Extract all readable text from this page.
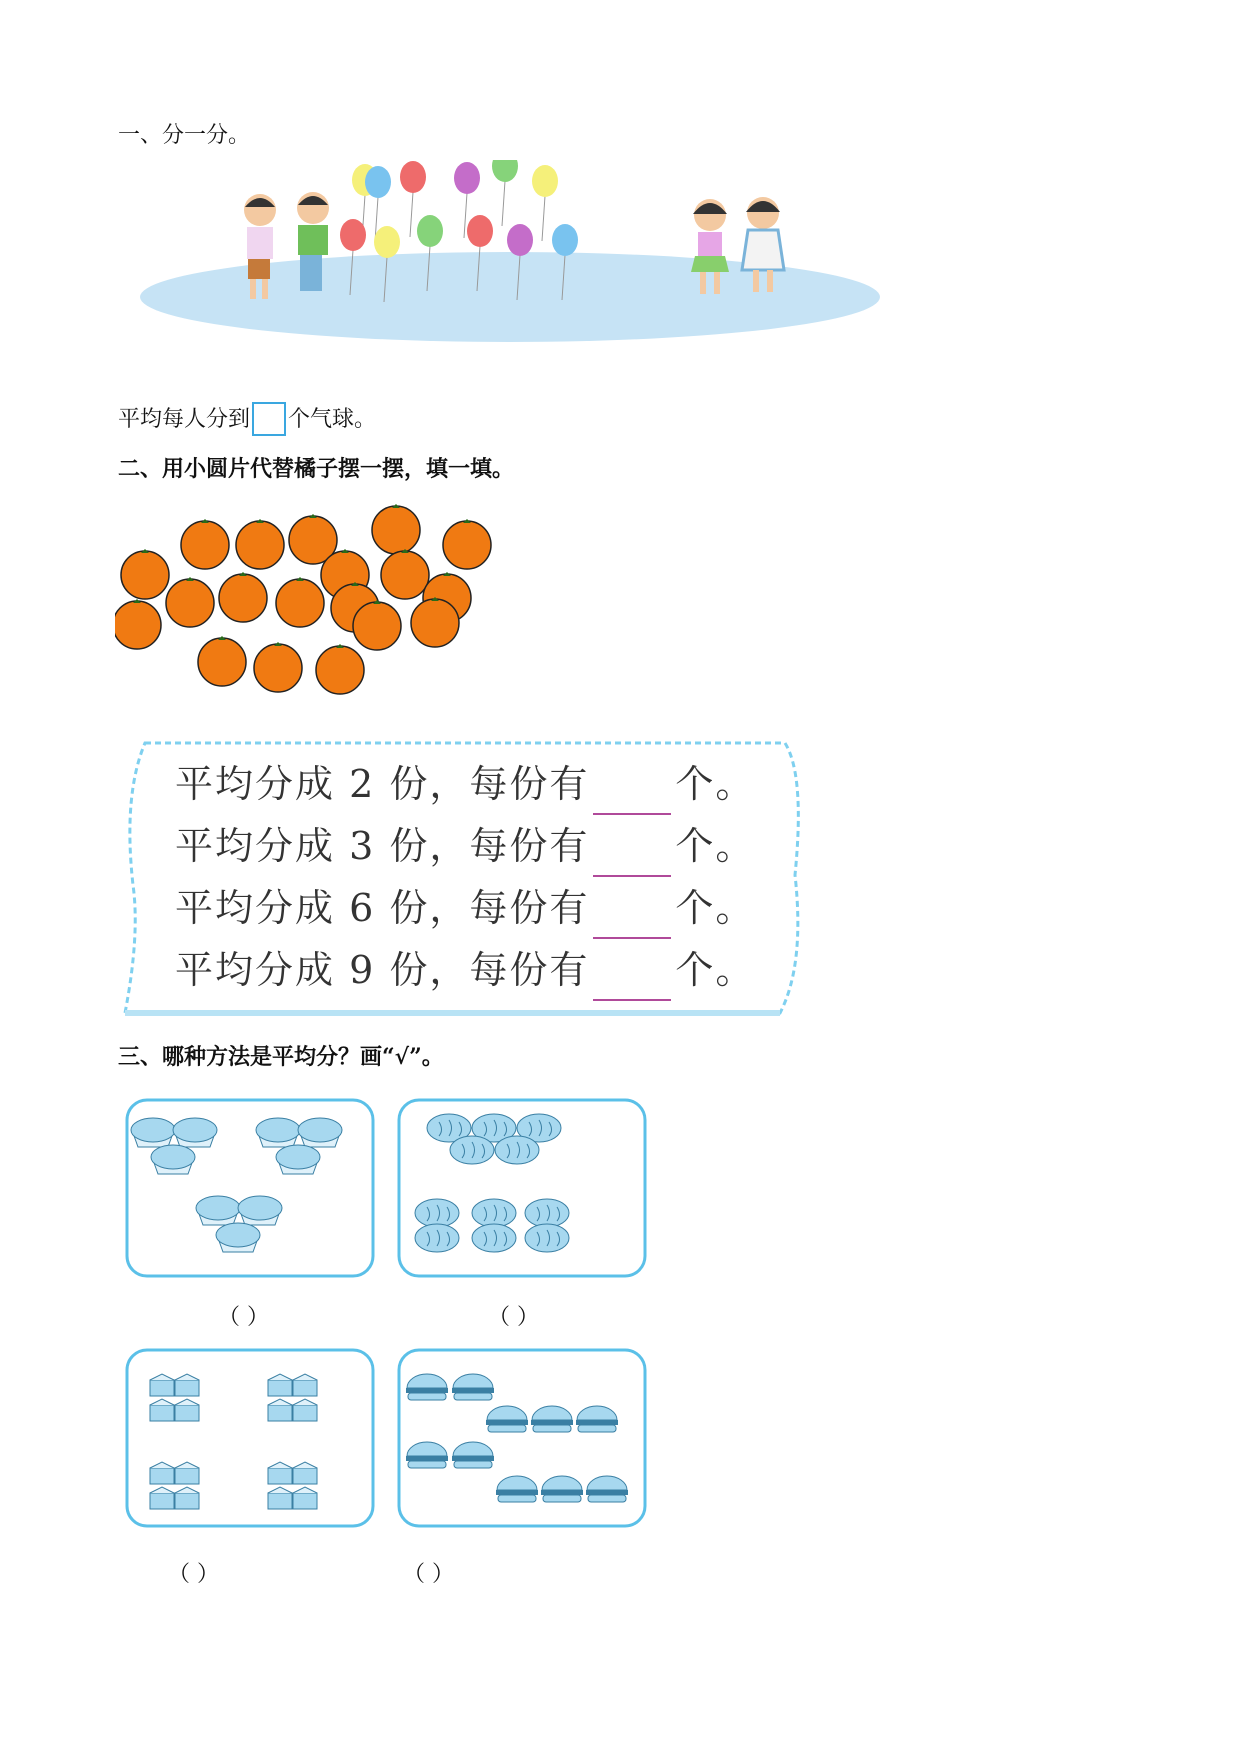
一、分一分。
平均每人分到 个气球。
二、用小圆片代替橘子摆一摆，填一填。
平均分成 2 份，每份有 个。
平均分成 3 份，每份有 个。
平均分成 6 份，每份有 个。
平均分成 9 份，每份有 个。
三、哪种方法是平均分？画“√”。
（ ）	（ ）
（ ）	（ ）
